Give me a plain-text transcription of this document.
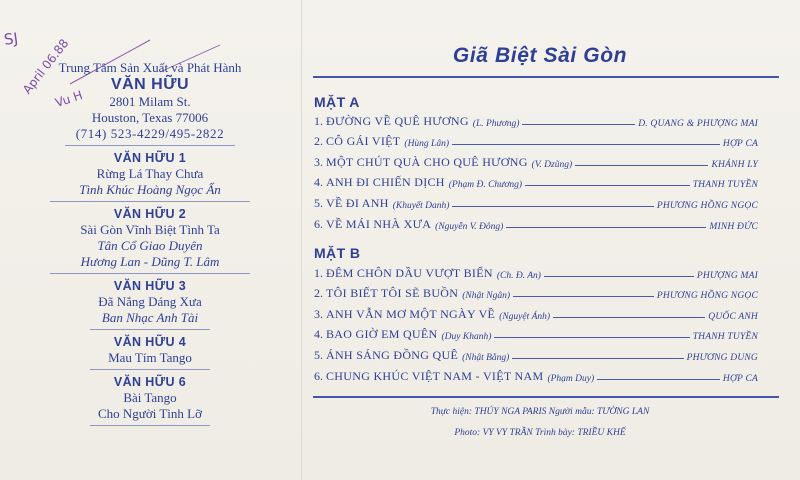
SJ April 06.88
Vu H
Trung Tâm Sản Xuất và Phát Hành
VĂN HỮU
2801 Milam St.
Houston, Texas 77006
(714) 523-4229/495-2822
VĂN HỮU 1
Rừng Lá Thay Chưa
Tình Khúc Hoàng Ngọc Ẩn
VĂN HỮU 2
Sài Gòn Vĩnh Biệt Tình Ta
Tân Cổ Giao Duyên
Hương Lan - Dũng T. Lâm
VĂN HỮU 3
Đã Nắng Dáng Xưa
Ban Nhạc Anh Tài
VĂN HỮU 4
Mau Tím Tango
VĂN HỮU 6
Bài Tango
Cho Người Tình Lỡ
Giã Biệt Sài Gòn
MẶT A
1.
ĐƯỜNG VỀ QUÊ HƯƠNG (L. Phương)	D. QUANG & PHƯỢNG MAI
2.
CÔ GÁI VIỆT (Hùng Lân)	HỢP CA
3.
MỘT CHÚT QUÀ CHO QUÊ HƯƠNG (V. Dzũng)	KHÁNH LY
4.
ANH ĐI CHIẾN DỊCH (Phạm Đ. Chương)	THANH TUYỀN
5.
VỀ ĐI ANH (Khuyết Danh)	PHƯƠNG HỒNG NGỌC
6.
VỀ MÁI NHÀ XƯA (Nguyễn V. Đông)	MINH ĐỨC
MẶT B
1.
ĐÊM CHÔN DẦU VƯỢT BIỂN (Ch. Đ. An)	PHƯỢNG MAI
2.
TÔI BIẾT TÔI SẼ BUỒN (Nhật Ngân)	PHƯƠNG HỒNG NGỌC
3.
ANH VẪN MƠ MỘT NGÀY VỀ (Nguyệt Ánh)	QUỐC ANH
4.
BAO GIỜ EM QUÊN (Duy Khanh)	THANH TUYỀN
5.
ÁNH SÁNG ĐỒNG QUÊ (Nhật Bằng)	PHƯƠNG DUNG
6.
CHUNG KHÚC VIỆT NAM - VIỆT NAM (Phạm Duy)	HỢP CA
Thực hiện: THÚY NGA PARIS Người mẫu: TƯỜNG LAN
Photo: VY VY TRẦN Trình bày: TRIỀU KHẾ
